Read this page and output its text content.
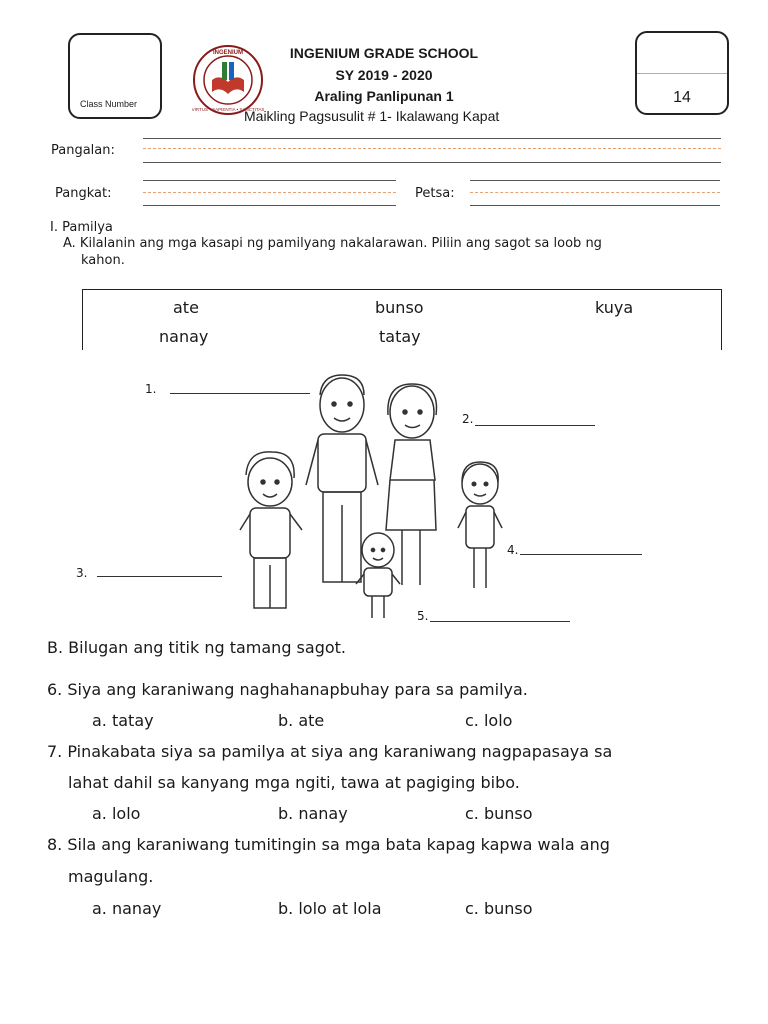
Class Number
INGENIUM
VIRTUS • SAPIENTIA • SANCTITAS
INGENIUM GRADE SCHOOL
SY 2019 - 2020
Araling Panlipunan 1
Maikling Pagsusulit # 1- Ikalawang Kapat
14
Pangalan:
Pangkat:	Petsa:
I. Pamilya
A. Kilalanin ang mga kasapi ng pamilyang nakalarawan. Piliin ang sagot sa loob ng
kahon.
ate	bunso	kuya
nanay	tatay
1.
2.
3.
4.
5.
B. Bilugan ang titik ng tamang sagot.
6. Siya ang karaniwang naghahanapbuhay para sa pamilya.
a. tatay	b. ate	c. lolo
7. Pinakabata siya sa pamilya at siya ang karaniwang nagpapasaya sa
lahat dahil sa kanyang mga ngiti, tawa at pagiging bibo.
a. lolo	b. nanay	c. bunso
8. Sila ang karaniwang tumitingin sa mga bata kapag kapwa wala ang
magulang.
a. nanay	b. lolo at lola	c. bunso
